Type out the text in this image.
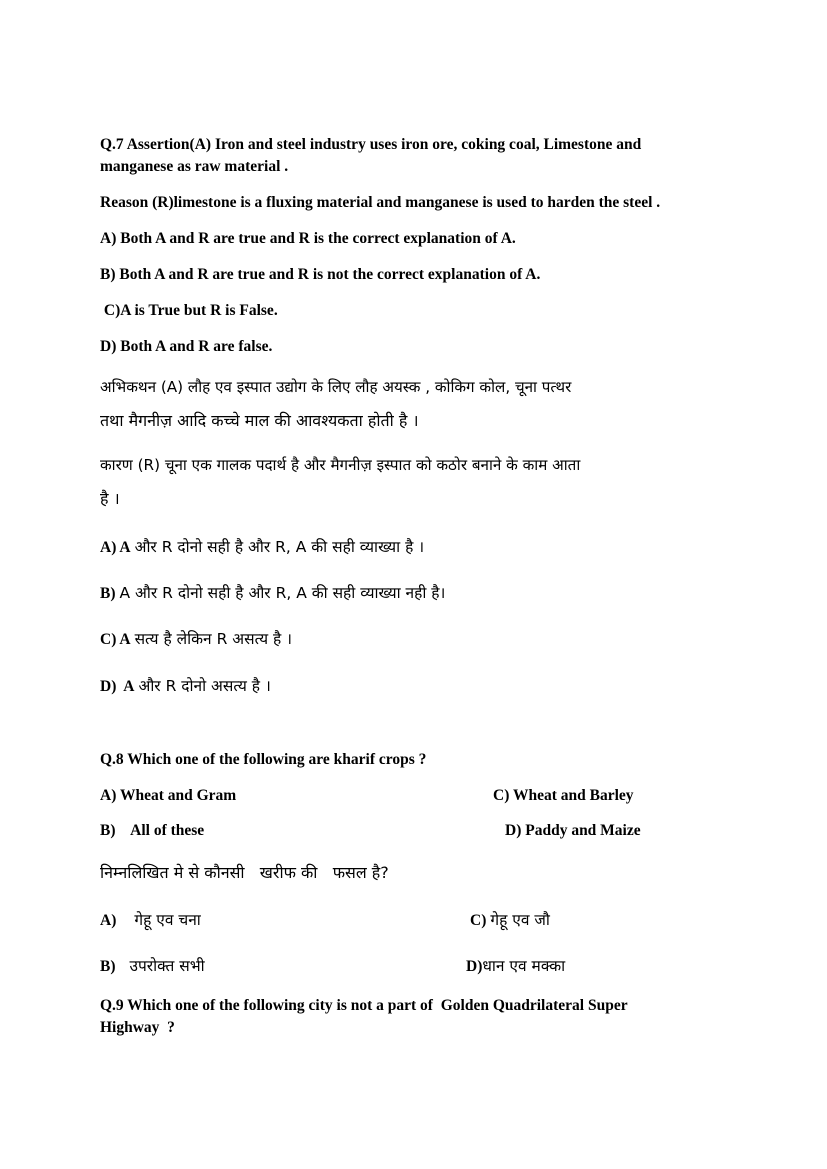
Q.7 Assertion(A) Iron and steel industry uses iron ore, coking coal, Limestone and
manganese as raw material .
Reason (R)limestone is a fluxing material and manganese is used to harden the steel .
A) Both A and R are true and R is the correct explanation of A.
B) Both A and R are true and R is not the correct explanation of A.
C)A is True but R is False.
D) Both A and R are false.
अभिकथन (A) लौह एव इस्पात उद्योग के लिए लौह अयस्क , कोकिग कोल, चूना पत्थर
तथा मैगनीज़ आदि कच्चे माल की आवश्यकता होती है ।
कारण (R) चूना एक गालक पदार्थ है और मैगनीज़ इस्पात को कठोर बनाने के काम आता
है ।
A) A और R दोनो सही है और R, A की सही व्याख्या है ।
B) A और R दोनो सही है और R, A की सही व्याख्या नही है।
C) A सत्य है लेकिन R असत्य है ।
D)  A और R दोनो असत्य है ।
Q.8 Which one of the following are kharif crops ?
A) Wheat and Gram	C) Wheat and Barley
B)    All of these	D) Paddy and Maize
निम्नलिखित मे से कौनसी   खरीफ की   फसल है?
A) गेहू एव चना	C) गेहू एव जौ
B) उपरोक्त सभी	D)धान एव मक्का
Q.9 Which one of the following city is not a part of  Golden Quadrilateral Super
Highway  ?
